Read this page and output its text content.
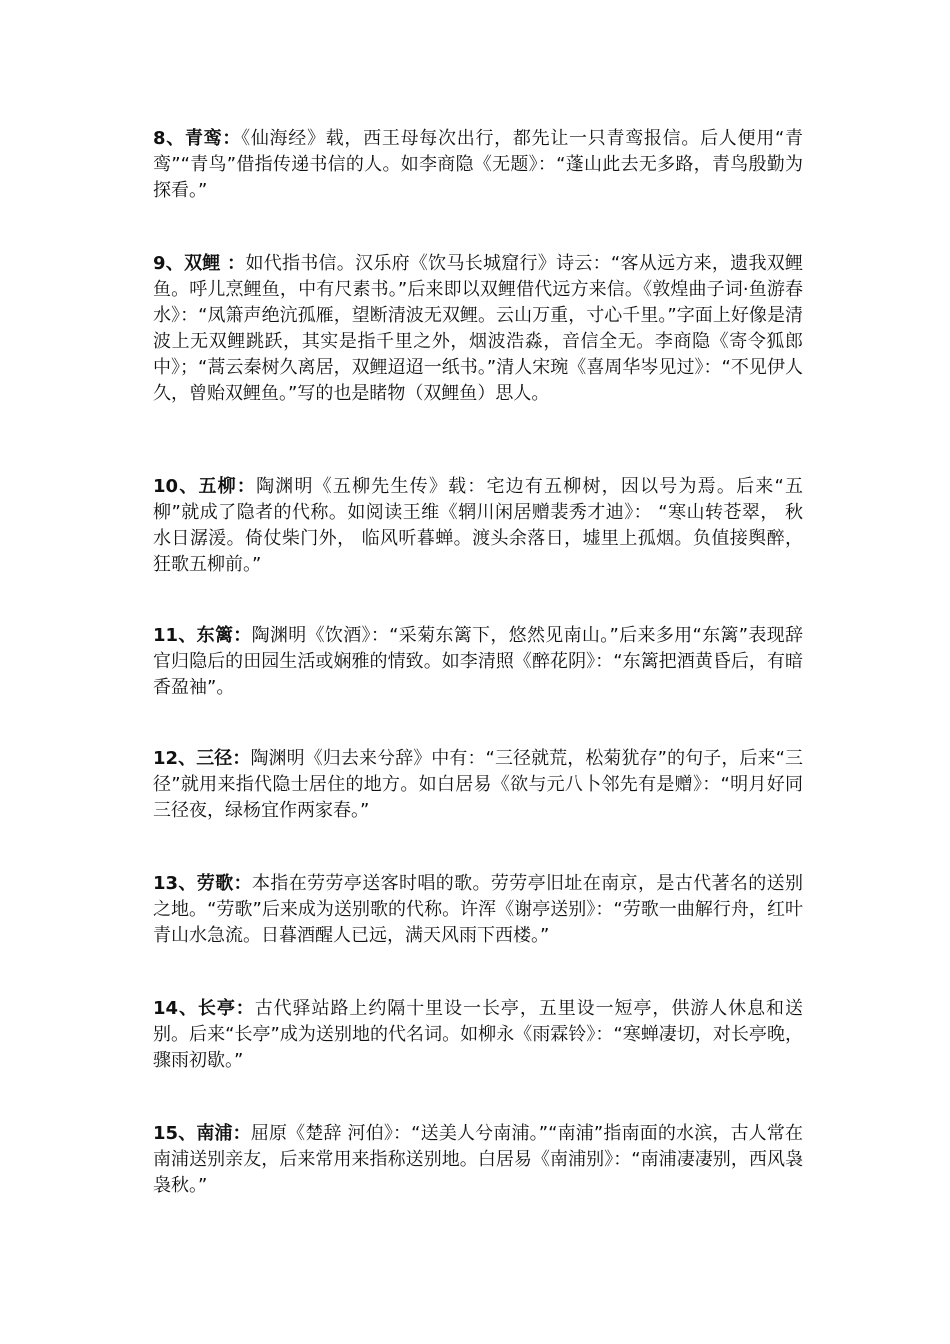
8、青鸾：《仙海经》载，西王母每次出行，都先让一只青鸾报信。后人便用“青鸾”“青鸟”借指传递书信的人。如李商隐《无题》：“蓬山此去无多路，青鸟殷勤为探看。”

9、双鲤 ：如代指书信。汉乐府《饮马长城窟行》诗云：“客从远方来，遗我双鲤鱼。呼儿烹鲤鱼，中有尺素书。”后来即以双鲤借代远方来信。《敦煌曲子词·鱼游春水》：“凤箫声绝沆孤雁，望断清波无双鲤。云山万重，寸心千里。”字面上好像是清波上无双鲤跳跃，其实是指千里之外，烟波浩淼，音信全无。李商隐《寄令狐郎中》；“蒿云秦树久离居，双鲤迢迢一纸书。”清人宋琬《喜周华岑见过》：“不见伊人久，曾贻双鲤鱼。”写的也是睹物（双鲤鱼）思人。

10、五柳：陶渊明《五柳先生传》载：宅边有五柳树，因以号为焉。后来“五柳”就成了隐者的代称。如阅读王维《辋川闲居赠裴秀才迪》： “寒山转苍翠， 秋水日潺湲。倚仗柴门外， 临风听暮蝉。渡头余落日，墟里上孤烟。负值接舆醉，狂歌五柳前。”

11、东篱：陶渊明《饮酒》：“采菊东篱下，悠然见南山。”后来多用“东篱”表现辞官归隐后的田园生活或娴雅的情致。如李清照《醉花阴》：“东篱把酒黄昏后，有暗香盈袖”。

12、三径：陶渊明《归去来兮辞》中有：“三径就荒，松菊犹存”的句子，后来“三径”就用来指代隐士居住的地方。如白居易《欲与元八卜邻先有是赠》：“明月好同三径夜，绿杨宜作两家春。”

13、劳歌：本指在劳劳亭送客时唱的歌。劳劳亭旧址在南京，是古代著名的送别之地。“劳歌”后来成为送别歌的代称。许浑《谢亭送别》：“劳歌一曲解行舟，红叶青山水急流。日暮酒醒人已远，满天风雨下西楼。”

14、长亭：古代驿站路上约隔十里设一长亭，五里设一短亭，供游人休息和送别。后来“长亭”成为送别地的代名词。如柳永《雨霖铃》：“寒蝉凄切，对长亭晚，骤雨初歇。”

15、南浦：屈原《楚辞 河伯》：“送美人兮南浦。”“南浦”指南面的水滨，古人常在南浦送别亲友，后来常用来指称送别地。白居易《南浦别》：“南浦凄凄别，西风袅袅秋。”
